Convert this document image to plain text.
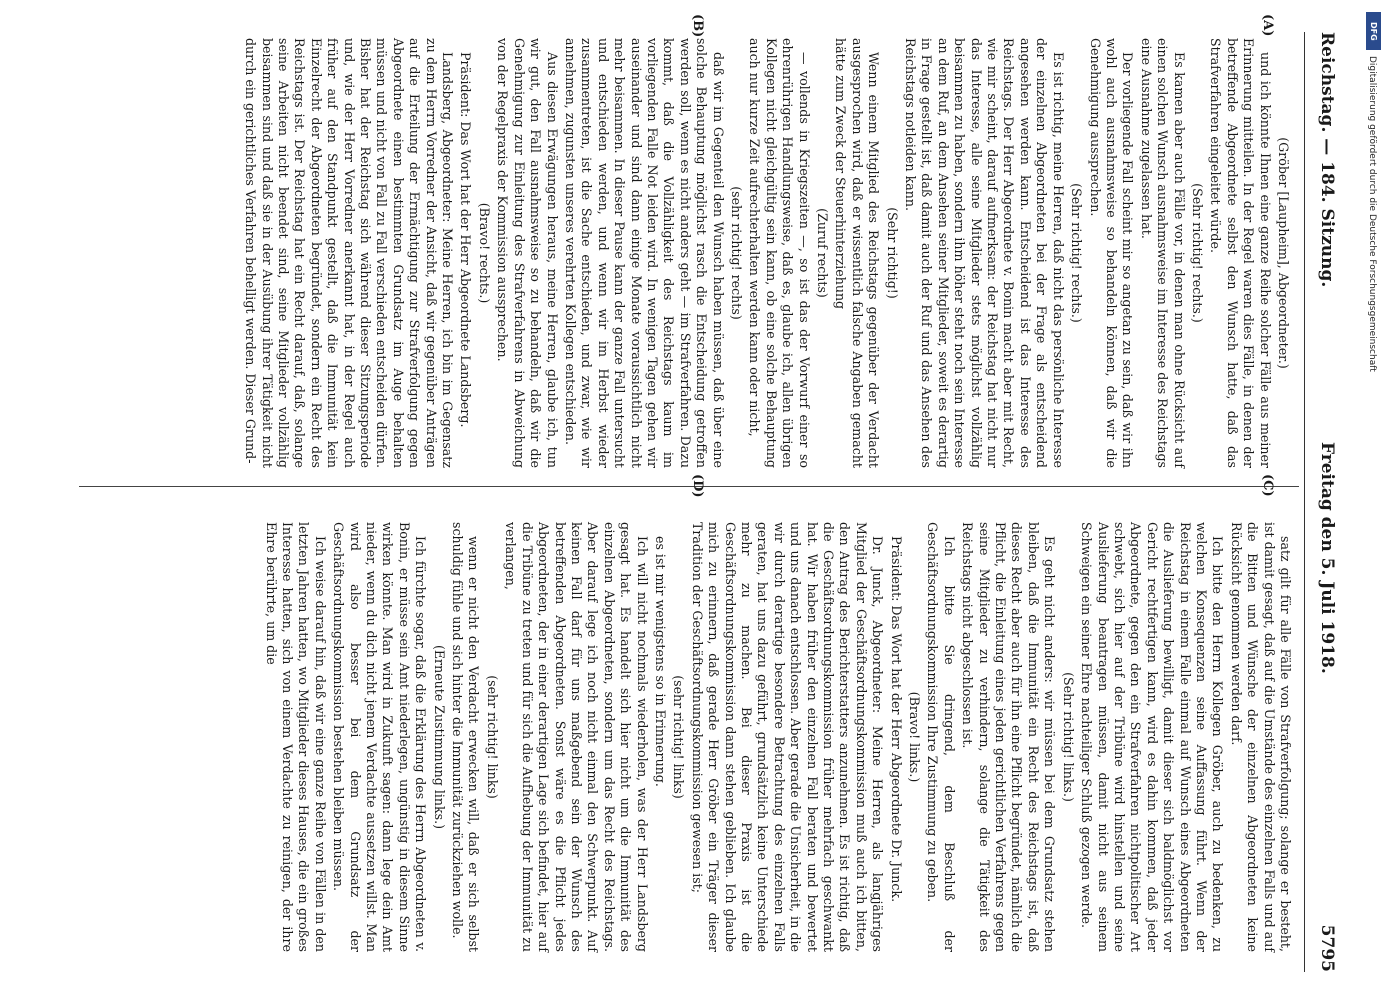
Reichstag. — 184. Sitzung.
Freitag den 5. Juli 1918.
5795
(A)
(B)
(C)
(D)

(Gröber [Laupheim], Abgeordneter.)

und ich könnte Ihnen eine ganze Reihe solcher Fälle aus meiner Erinnerung mitteilen. In der Regel waren dies Fälle, in denen der betreffende Abgeordnete selbst den Wunsch hatte, daß das Strafverfahren eingeleitet würde.

(Sehr richtig! rechts.)

Es kamen aber auch Fälle vor, in denen man ohne Rücksicht auf einen solchen Wunsch ausnahmsweise im Interesse des Reichstags eine Ausnahme zugelassen hat.

Der vorliegende Fall scheint mir so angetan zu sein, daß wir ihn wohl auch ausnahmsweise so behandeln können, daß wir die Genehmigung aussprechen.

(Sehr richtig! rechts.)

Es ist richtig, meine Herren, daß nicht das persönliche Interesse der einzelnen Abgeordneten bei der Frage als entscheidend angesehen werden kann. Entscheidend ist das Interesse des Reichstags. Der Herr Abgeordnete v. Bonin macht aber mit Recht, wie mir scheint, darauf aufmerksam: der Reichstag hat nicht nur das Interesse, alle seine Mitglieder stets möglichst vollzählig beisammen zu haben, sondern ihm höher steht noch sein Interesse an dem Ruf, an dem Ansehen seiner Mitglieder, soweit es derartig in Frage gestellt ist, daß damit auch der Ruf und das Ansehen des Reichstags notleiden kann.

(Sehr richtig!)

Wenn einem Mitglied des Reichstags gegenüber der Verdacht ausgesprochen wird, daß er wissentlich falsche Angaben gemacht hätte zum Zweck der Steuerhinterziehung

(Zuruf rechts)

— vollends in Kriegszeiten —, so ist das der Vorwurf einer so ehrenrührigen Handlungsweise, daß es, glaube ich, allen übrigen Kollegen nicht gleichgültig sein kann, ob eine solche Behauptung auch nur kurze Zeit aufrechterhalten werden kann oder nicht,

(sehr richtig! rechts)

daß wir im Gegenteil den Wunsch haben müssen, daß über eine solche Behauptung möglichst rasch die Entscheidung getroffen werden soll, wenn es nicht anders geht — im Strafverfahren. Dazu kommt, daß die Vollzähligkeit des Reichstags kaum im vorliegenden Falle Not leiden wird. In wenigen Tagen gehen wir auseinander und sind dann einige Monate voraussichtlich nicht mehr beisammen. In dieser Pause kann der ganze Fall untersucht und entschieden werden, und wenn wir im Herbst wieder zusammentreten, ist die Sache entschieden, und zwar, wie wir annehmen, zugunsten unseres verehrten Kollegen entschieden.

Aus diesen Erwägungen heraus, meine Herren, glaube ich, tun wir gut, den Fall ausnahmsweise so zu behandeln, daß wir die Genehmigung zur Einleitung des Strafverfahrens in Abweichung von der Regelpraxis der Kommission aussprechen.

(Bravo! rechts.)

Präsident: Das Wort hat der Herr Abgeordnete Landsberg.

Landsberg, Abgeordneter: Meine Herren, ich bin im Gegensatz zu dem Herrn Vorredner der Ansicht, daß wir gegenüber Anträgen auf die Erteilung der Ermächtigung zur Strafverfolgung gegen Abgeordnete einen bestimmten Grundsatz im Auge behalten müssen und nicht von Fall zu Fall verschieden entscheiden dürfen. Bisher hat der Reichstag sich während dieser Sitzungsperiode und, wie der Herr Vorredner anerkannt hat, in der Regel auch früher auf den Standpunkt gestellt, daß die Immunität kein Einzelrecht der Abgeordneten begründet, sondern ein Recht des Reichstags ist. Der Reichstag hat ein Recht darauf, daß, solange seine Arbeiten nicht beendet sind, seine Mitglieder vollzählig beisammen sind und daß sie in der Ausübung ihrer Tätigkeit nicht durch ein gerichtliches Verfahren behelligt werden. Dieser Grund-

satz gilt für alle Fälle von Strafverfolgung; solange er besteht, ist damit gesagt, daß auf die Umstände des einzelnen Falls und auf die Bitten und Wünsche der einzelnen Abgeordneten keine Rücksicht genommen werden darf.

Ich bitte den Herrn Kollegen Gröber, auch zu bedenken, zu welchen Konsequenzen seine Auffassung führt. Wenn der Reichstag in einem Falle einmal auf Wunsch eines Abgeordneten die Auslieferung bewilligt, damit dieser sich baldmöglichst vor Gericht rechtfertigen kann, wird es dahin kommen, daß jeder Abgeordnete, gegen den ein Strafverfahren nichtpolitischer Art schwebt, sich hier auf der Tribüne wird hinstellen und seine Auslieferung beantragen müssen, damit nicht aus seinem Schweigen ein seiner Ehre nachteiliger Schluß gezogen werde.

(Sehr richtig! links.)

Es geht nicht anders: wir müssen bei dem Grundsatz stehen bleiben, daß die Immunität ein Recht des Reichstags ist, daß dieses Recht aber auch für ihn eine Pflicht begründet, nämlich die Pflicht, die Einleitung eines jeden gerichtlichen Verfahrens gegen seine Mitglieder zu verhindern, solange die Tätigkeit des Reichstags nicht abgeschlossen ist.

Ich bitte Sie dringend, dem Beschluß der Geschäftsordnungskommission Ihre Zustimmung zu geben.

(Bravo! links.)

Präsident: Das Wort hat der Herr Abgeordnete Dr. Junck.

Dr. Junck, Abgeordneter: Meine Herren, als langjähriges Mitglied der Geschäftsordnungskommission muß auch ich bitten, den Antrag des Berichterstatters anzunehmen. Es ist richtig, daß die Geschäftsordnungskommission früher mehrfach geschwankt hat. Wir haben früher den einzelnen Fall beraten und bewertet und uns danach entschlossen. Aber gerade die Unsicherheit, in die wir durch derartige besondere Betrachtung des einzelnen Falls geraten, hat uns dazu geführt, grundsätzlich keine Unterschiede mehr zu machen. Bei dieser Praxis ist die Geschäftsordnungskommission dann stehen geblieben. Ich glaube mich zu erinnern, daß gerade Herr Gröber ein Träger dieser Tradition der Geschäftsordnungskommission gewesen ist;

(sehr richtig! links)

es ist mir wenigstens so in Erinnerung.

Ich will nicht nochmals wiederholen, was der Herr Landsberg gesagt hat. Es handelt sich hier nicht um die Immunität des einzelnen Abgeordneten, sondern um das Recht des Reichstags. Aber darauf lege ich noch nicht einmal den Schwerpunkt. Auf keinen Fall darf für uns maßgebend sein der Wunsch des betreffenden Abgeordneten. Sonst wäre es die Pflicht jedes Abgeordneten, der in einer derartigen Lage sich befindet, hier auf die Tribüne zu treten und für sich die Aufhebung der Immunität zu verlangen,

(sehr richtig! links)

wenn er nicht den Verdacht erwecken will, daß er sich selbst schuldig fühle und sich hinter die Immunität zurückziehen wolle.

(Erneute Zustimmung links.)

Ich fürchte sogar, daß die Erklärung des Herrn Abgeordneten v. Bonin, er müsse sein Amt niederlegen, ungünstig in diesem Sinne wirken könnte. Man wird in Zukunft sagen: dann lege dein Amt nieder, wenn du dich nicht jenem Verdachte aussetzen willst. Man wird also besser bei dem Grundsatz der Geschäftsordnungskommission bestehen bleiben müssen.

Ich weise darauf hin, daß wir eine ganze Reihe von Fällen in den letzten Jahren hatten, wo Mitglieder dieses Hauses, die ein großes Interesse hatten, sich von einem Verdachte zu reinigen, der ihre Ehre berührte, um die

DFG
Digitalisierung gefördert durch die Deutsche Forschungsgemeinschaft
